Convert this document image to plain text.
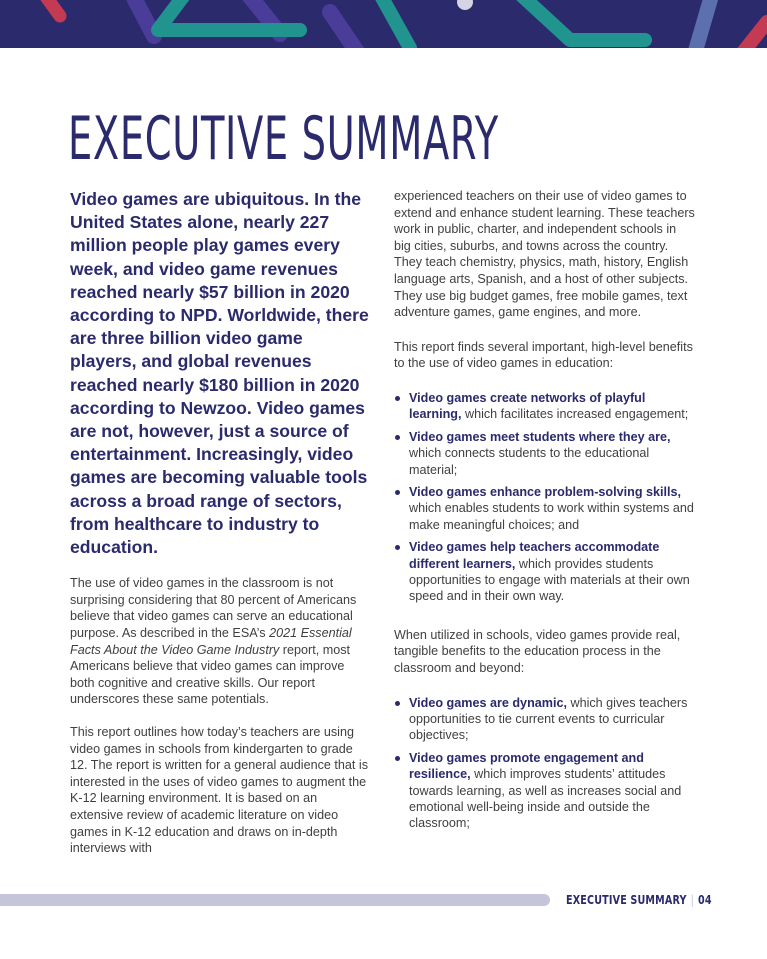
EXECUTIVE SUMMARY

Video games are ubiquitous. In the United States alone, nearly 227 million people play games every week, and video game revenues reached nearly $57 billion in 2020 according to NPD. Worldwide, there are three billion video game players, and global revenues reached nearly $180 billion in 2020 according to Newzoo. Video games are not, however, just a source of entertainment. Increasingly, video games are becoming valuable tools across a broad range of sectors, from healthcare to industry to education.

The use of video games in the classroom is not surprising considering that 80 percent of Americans believe that video games can serve an educational purpose. As described in the ESA’s 2021 Essential Facts About the Video Game Industry report, most Americans believe that video games can improve both cognitive and creative skills. Our report underscores these same potentials.

This report outlines how today’s teachers are using video games in schools from kindergarten to grade 12. The report is written for a general audience that is interested in the uses of video games to augment the K-12 learning environment. It is based on an extensive review of academic literature on video games in K-12 education and draws on in-depth interviews with

experienced teachers on their use of video games to extend and enhance student learning. These teachers work in public, charter, and independent schools in big cities, suburbs, and towns across the country. They teach chemistry, physics, math, history, English language arts, Spanish, and a host of other subjects. They use big budget games, free mobile games, text adventure games, game engines, and more.

This report finds several important, high-level benefits to the use of video games in education:

Video games create networks of playful learning, which facilitates increased engagement;
Video games meet students where they are, which connects students to the educational material;
Video games enhance problem-solving skills, which enables students to work within systems and make meaningful choices; and
Video games help teachers accommodate different learners, which provides students opportunities to engage with materials at their own speed and in their own way.

When utilized in schools, video games provide real, tangible benefits to the education process in the classroom and beyond:

Video games are dynamic, which gives teachers opportunities to tie current events to curricular objectives;
Video games promote engagement and resilience, which improves students’ attitudes towards learning, as well as increases social and emotional well-being inside and outside the classroom;
EXECUTIVE SUMMARY | 04
